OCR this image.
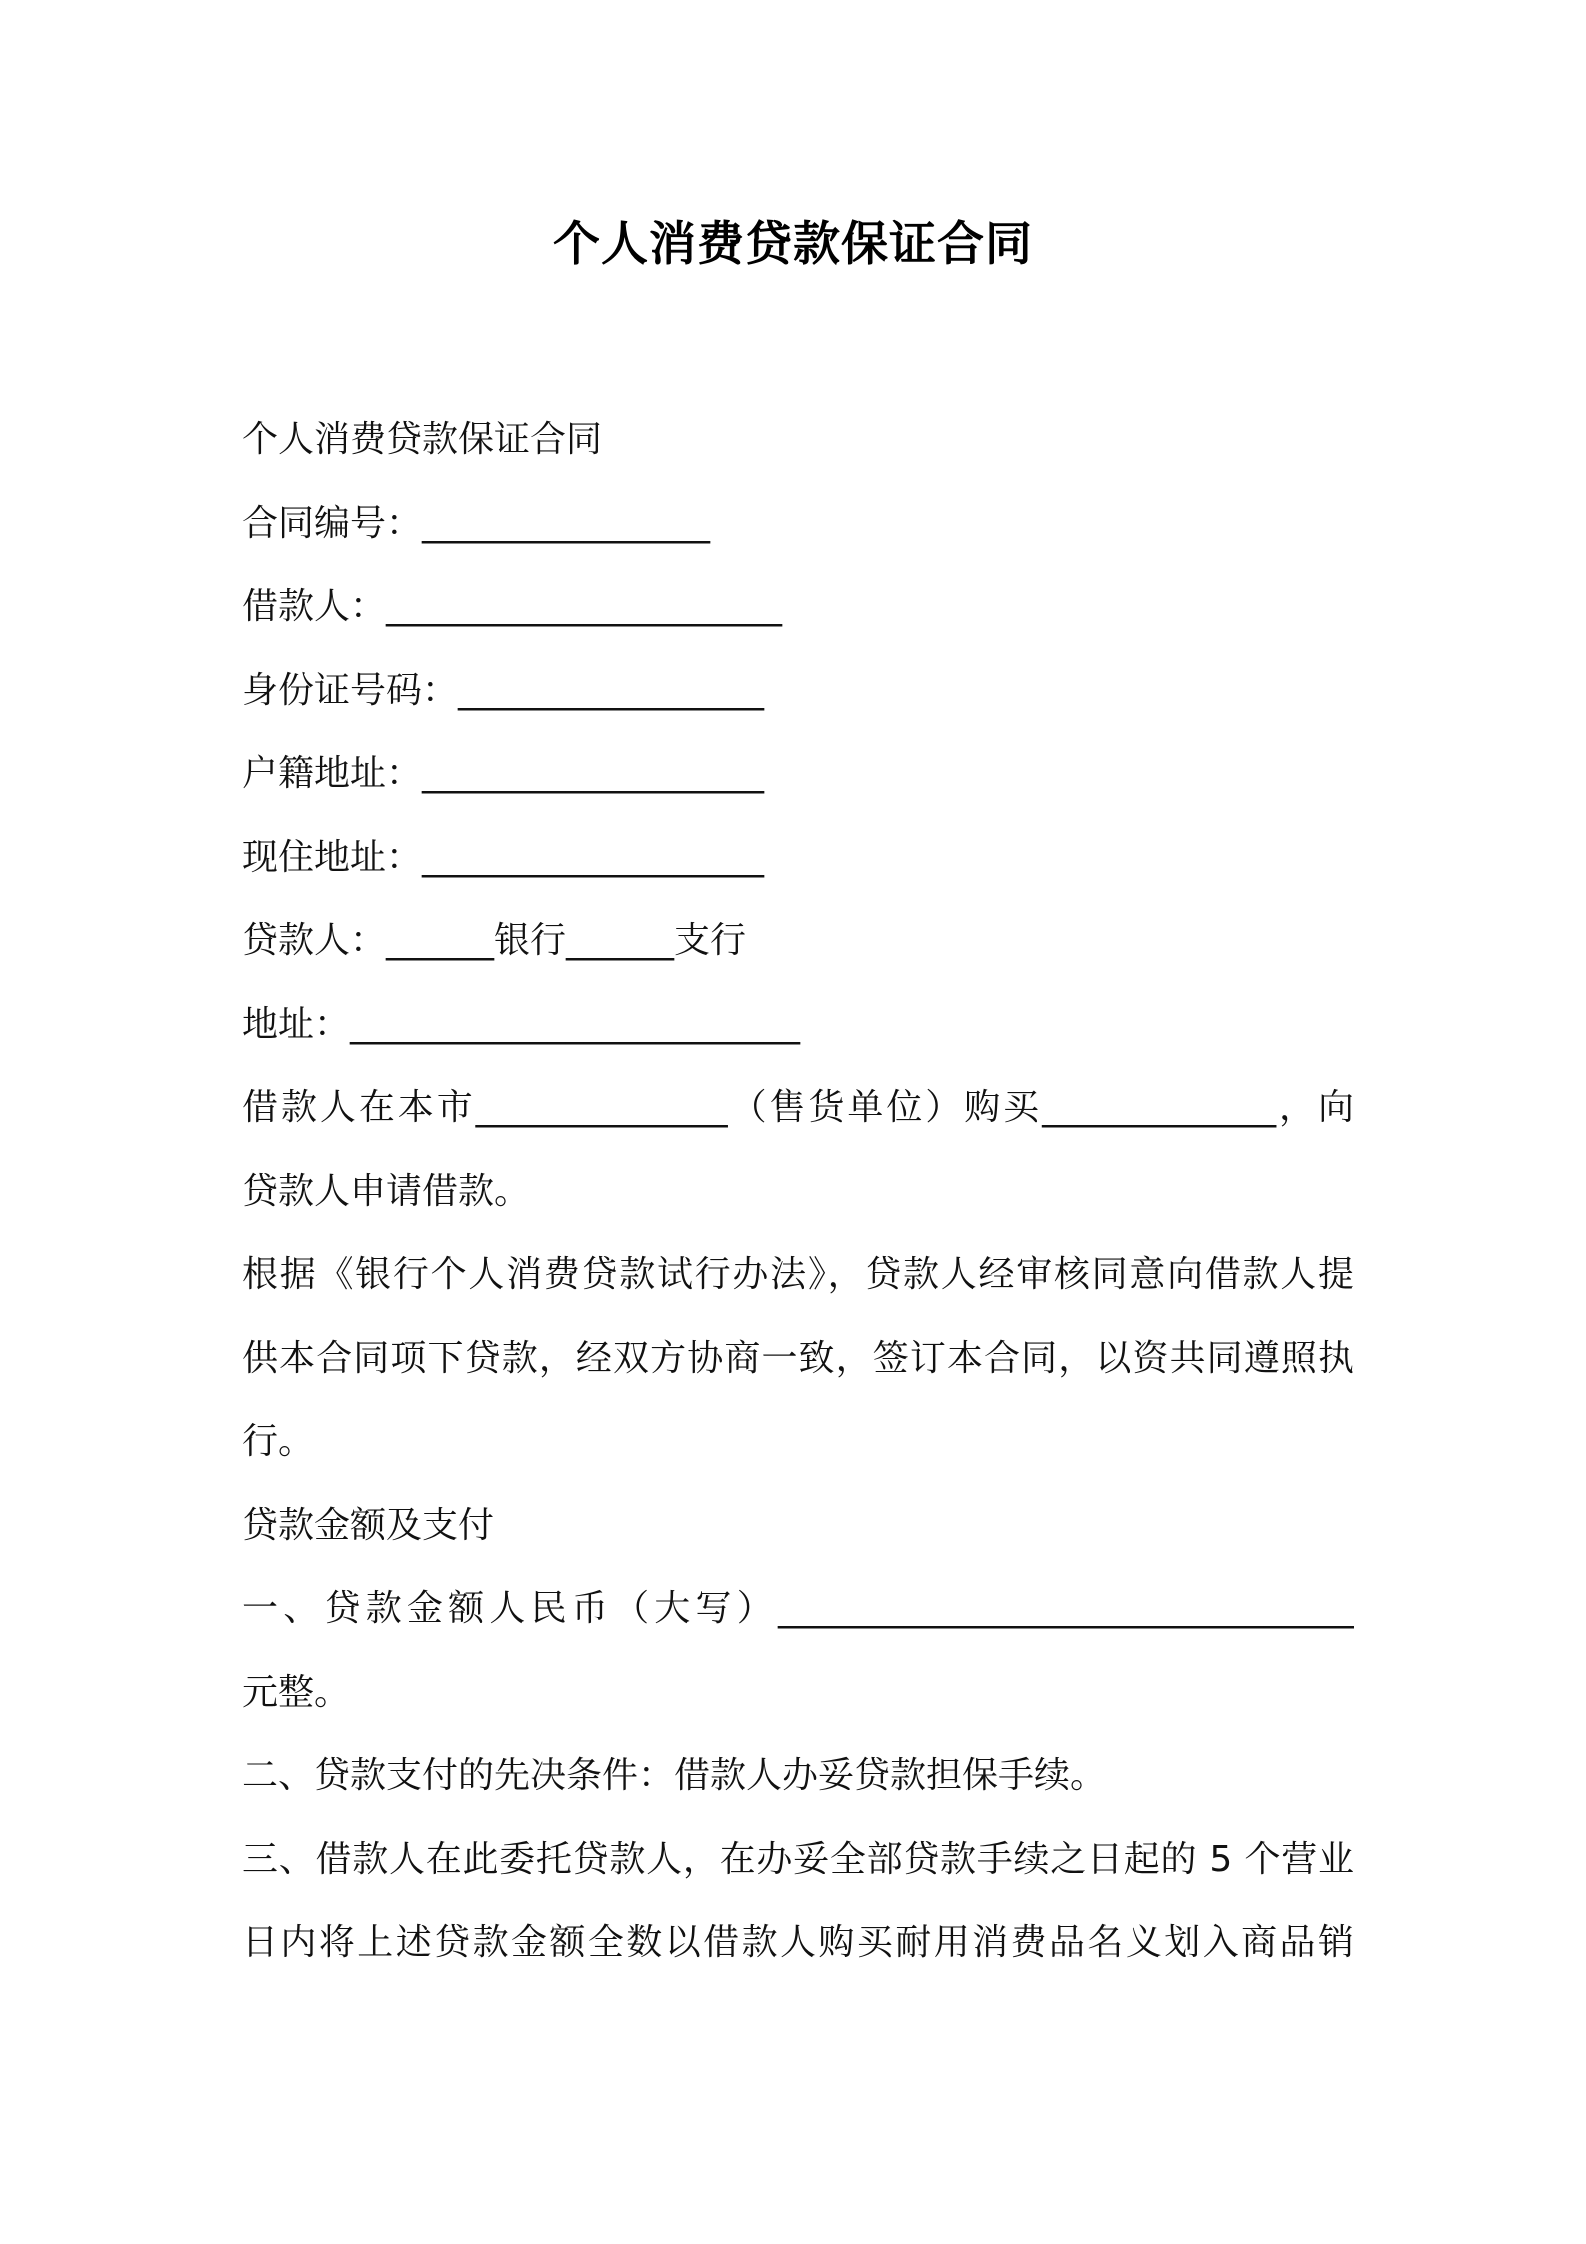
个人消费贷款保证合同
个人消费贷款保证合同
合同编号：________________
借款人：______________________
身份证号码：_________________
户籍地址：___________________
现住地址：___________________
贷款人：______银行______支行
地址：_________________________
借款人在本市______________（售货单位）购买_____________，向
贷款人申请借款。
根据《银行个人消费贷款试行办法》，贷款人经审核同意向借款人提
供本合同项下贷款，经双方协商一致，签订本合同，以资共同遵照执
行。
贷款金额及支付
一、贷款金额人民币（大写）________________________________
元整。
二、贷款支付的先决条件：借款人办妥贷款担保手续。
三、借款人在此委托贷款人，在办妥全部贷款手续之日起的 5 个营业
日内将上述贷款金额全数以借款人购买耐用消费品名义划入商品销
